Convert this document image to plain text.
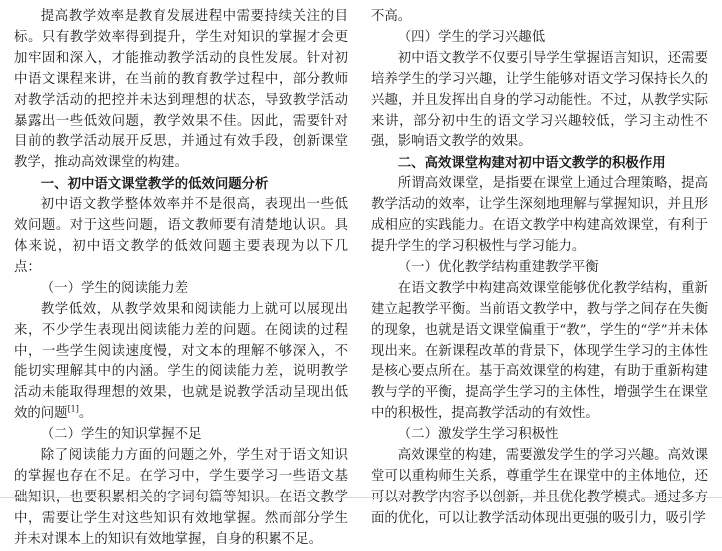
提高教学效率是教育发展进程中需要持续关注的目标。只有教学效率得到提升，学生对知识的掌握才会更加牢固和深入，才能推动教学活动的良性发展。针对初中语文课程来讲，在当前的教育教学过程中，部分教师对教学活动的把控并未达到理想的状态，导致教学活动暴露出一些低效问题，教学效果不佳。因此，需要针对目前的教学活动展开反思，并通过有效手段，创新课堂教学，推动高效课堂的构建。

一、初中语文课堂教学的低效问题分析

初中语文教学整体效率并不是很高，表现出一些低效问题。对于这些问题，语文教师要有清楚地认识。具体来说，初中语文教学的低效问题主要表现为以下几点：

（一）学生的阅读能力差

教学低效，从教学效果和阅读能力上就可以展现出来，不少学生表现出阅读能力差的问题。在阅读的过程中，一些学生阅读速度慢，对文本的理解不够深入，不能切实理解其中的内涵。学生的阅读能力差，说明教学活动未能取得理想的效果，也就是说教学活动呈现出低效的问题[1]。

（二）学生的知识掌握不足

除了阅读能力方面的问题之外，学生对于语文知识的掌握也存在不足。在学习中，学生要学习一些语文基础知识，也要积累相关的字词句篇等知识。在语文教学中，需要让学生对这些知识有效地掌握。然而部分学生并未对课本上的知识有效地掌握，自身的积累不足。

不高。

（四）学生的学习兴趣低

初中语文教学不仅要引导学生掌握语言知识，还需要培养学生的学习兴趣，让学生能够对语文学习保持长久的兴趣，并且发挥出自身的学习动能性。不过，从教学实际来讲，部分初中生的语文学习兴趣较低，学习主动性不强，影响语文教学的效果。

二、高效课堂构建对初中语文教学的积极作用

所谓高效课堂，是指要在课堂上通过合理策略，提高教学活动的效率，让学生深刻地理解与掌握知识，并且形成相应的实践能力。在语文教学中构建高效课堂，有利于提升学生的学习积极性与学习能力。

（一）优化教学结构重建教学平衡

在语文教学中构建高效课堂能够优化教学结构，重新建立起教学平衡。当前语文教学中，教与学之间存在失衡的现象，也就是语文课堂偏重于“教”，学生的“学”并未体现出来。在新课程改革的背景下，体现学生学习的主体性是核心要点所在。基于高效课堂的构建，有助于重新构建教与学的平衡，提高学生学习的主体性，增强学生在课堂中的积极性，提高教学活动的有效性。

（二）激发学生学习积极性

高效课堂的构建，需要激发学生的学习兴趣。高效课堂可以重构师生关系，尊重学生在课堂中的主体地位，还可以对教学内容予以创新，并且优化教学模式。通过多方面的优化，可以让教学活动体现出更强的吸引力，吸引学
